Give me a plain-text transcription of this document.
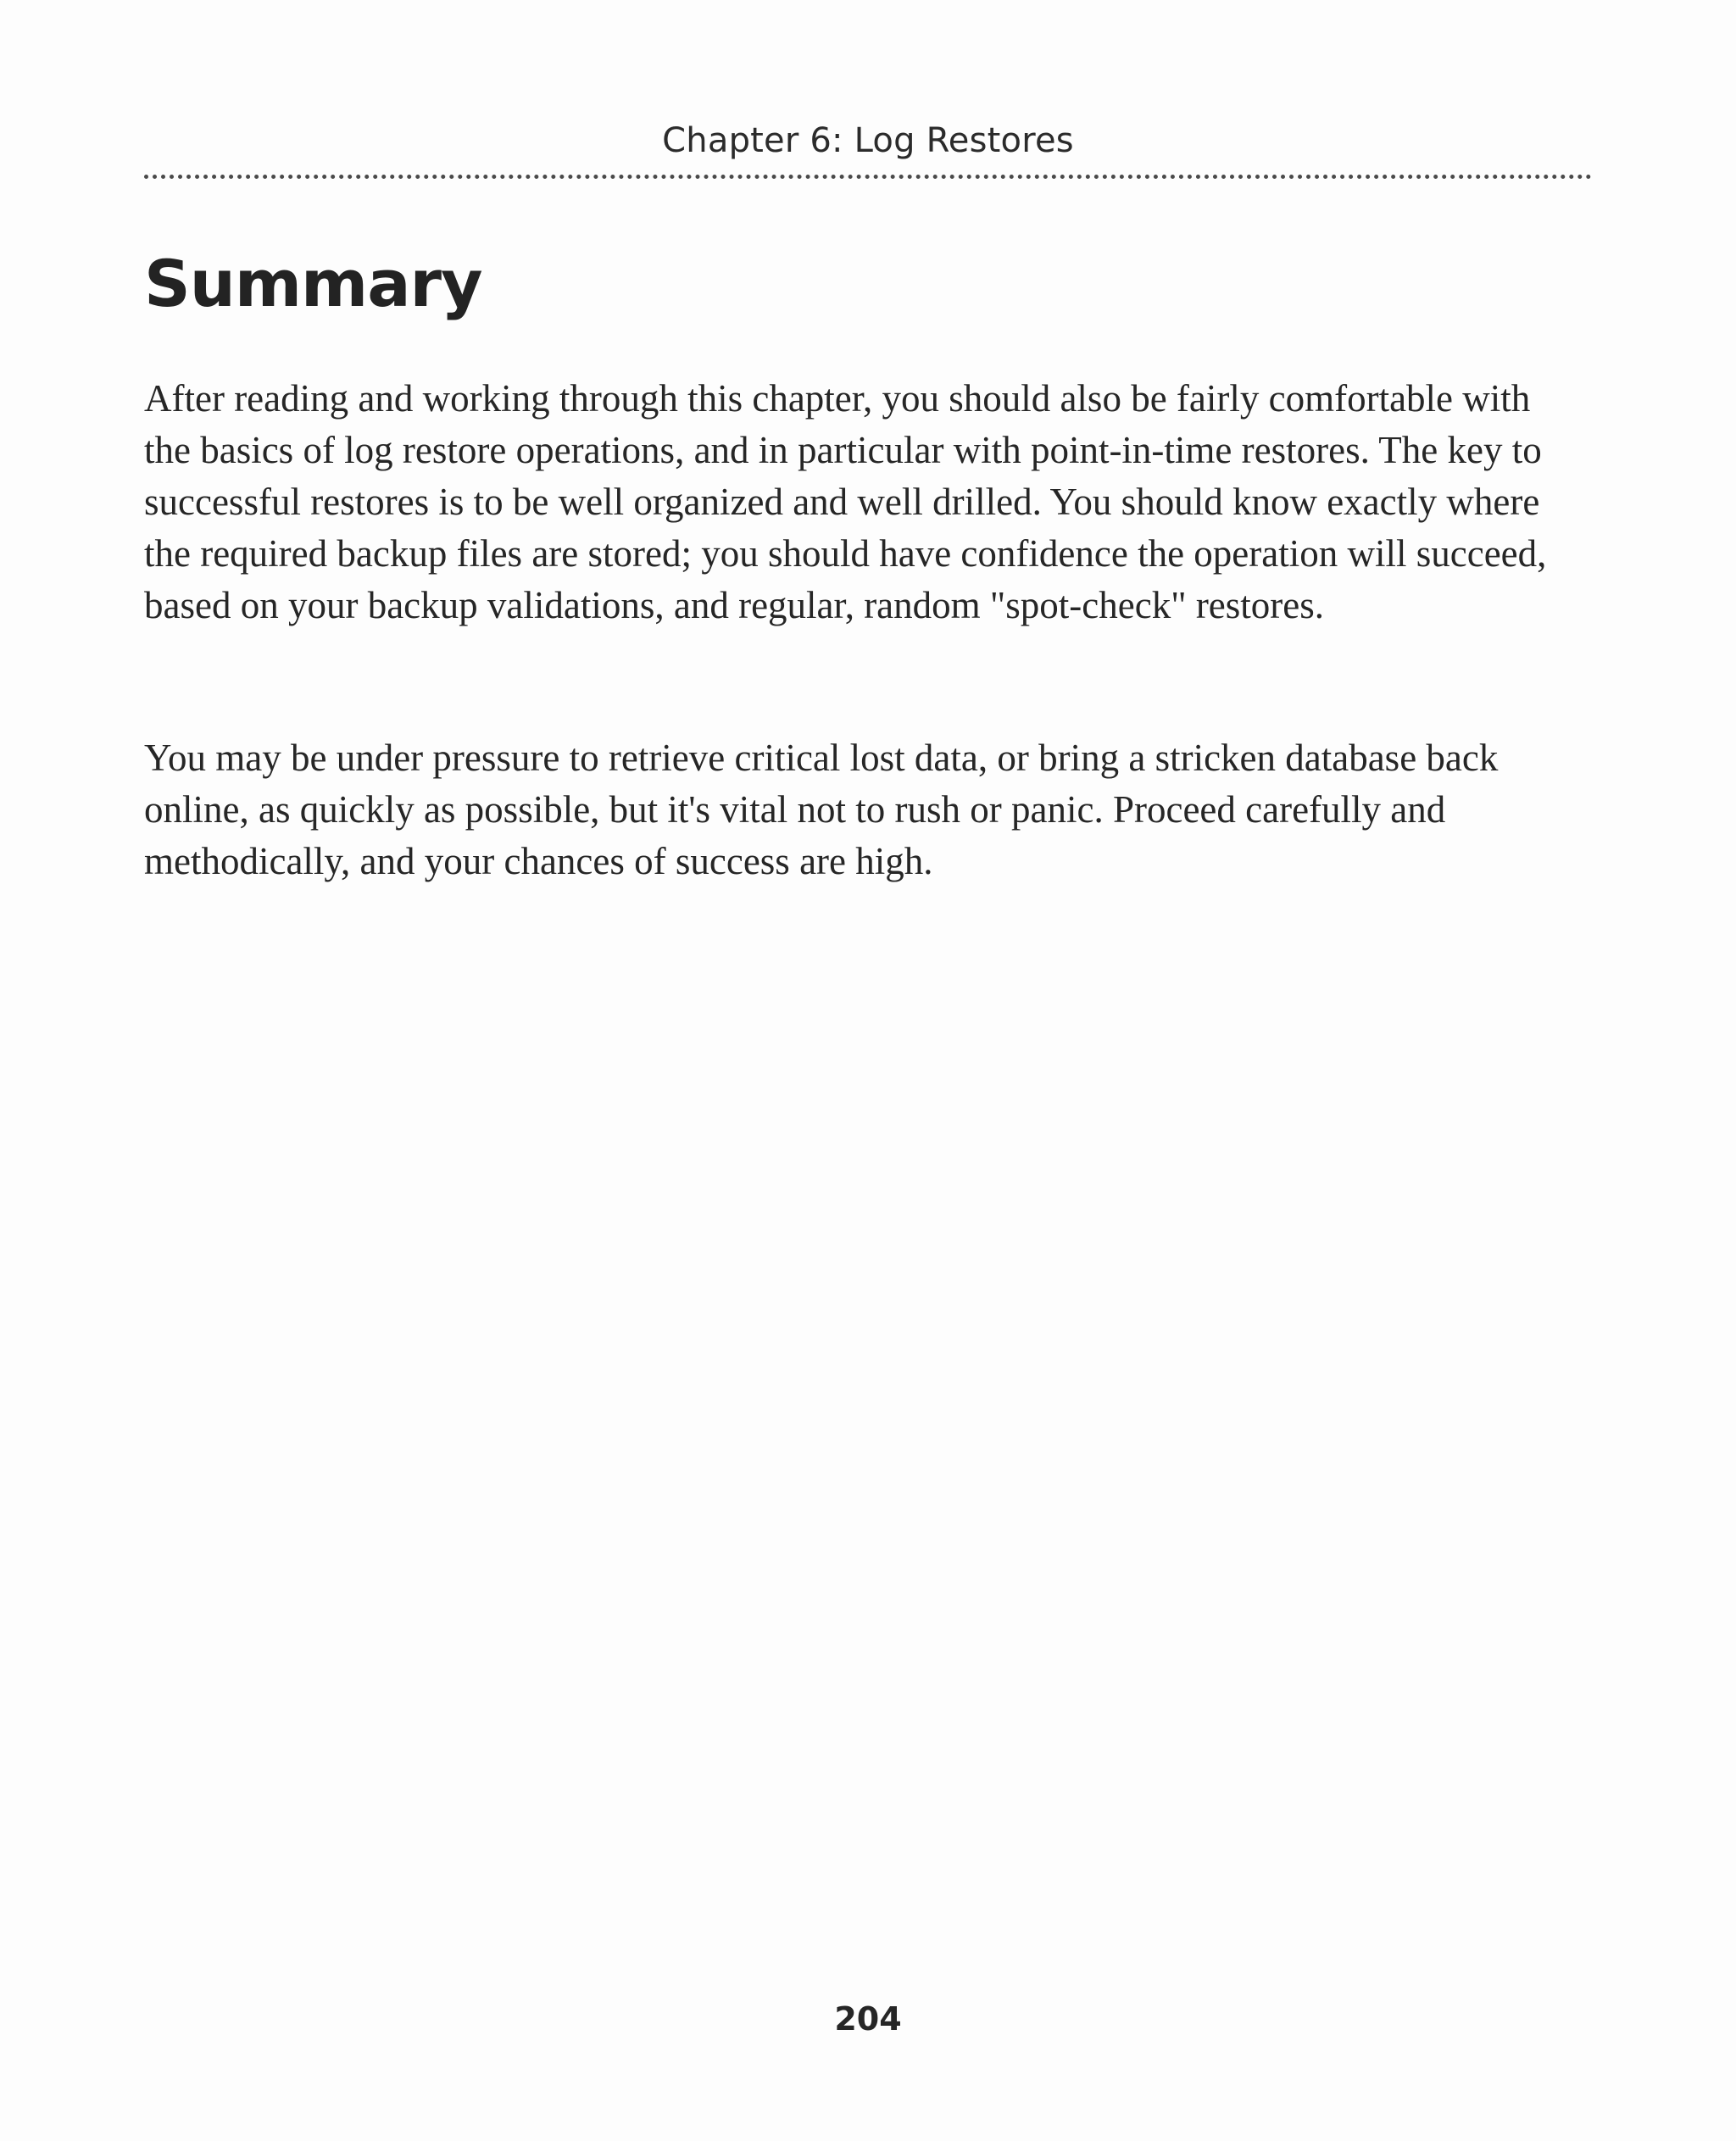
Chapter 6: Log Restores
Summary

After reading and working through this chapter, you should also be fairly comfortable with the basics of log restore operations, and in particular with point-in-time restores. The key to successful restores is to be well organized and well drilled. You should know exactly where the required backup files are stored; you should have confidence the operation will succeed, based on your backup validations, and regular, random "spot-check" restores.

You may be under pressure to retrieve critical lost data, or bring a stricken database back online, as quickly as possible, but it's vital not to rush or panic. Proceed carefully and methodically, and your chances of success are high.

204
